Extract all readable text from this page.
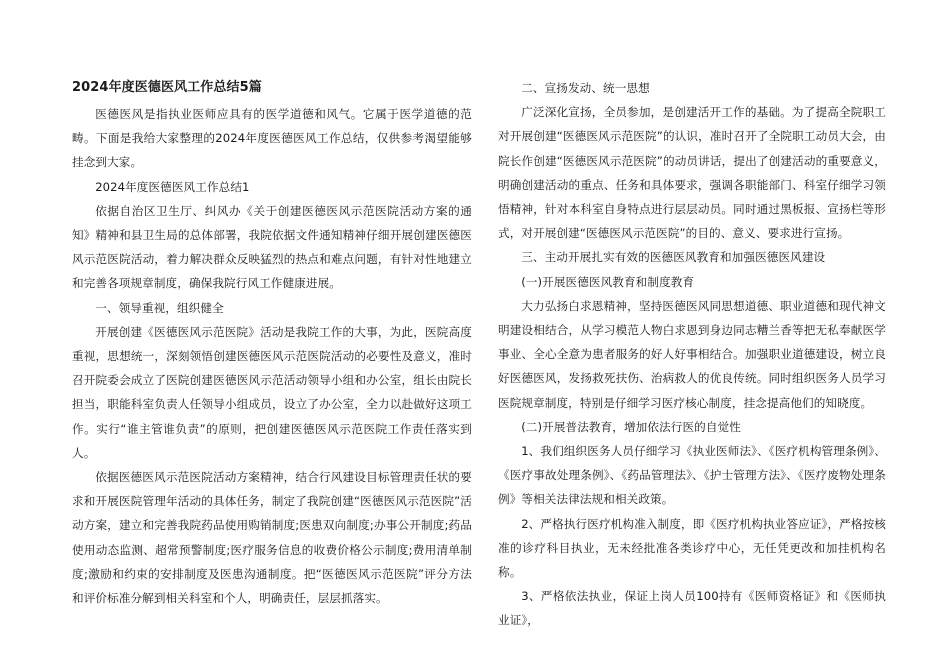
2024年度医德医风工作总结5篇

医德医风是指执业医师应具有的医学道德和风气。它属于医学道德的范畴。下面是我给大家整理的2024年度医德医风工作总结，仅供参考渴望能够挂念到大家。

2024年度医德医风工作总结1

依据自治区卫生厅、纠风办《关于创建医德医风示范医院活动方案的通知》精神和县卫生局的总体部署，我院依据文件通知精神仔细开展创建医德医风示范医院活动，着力解决群众反映猛烈的热点和难点问题，有针对性地建立和完善各项规章制度，确保我院行风工作健康进展。

一、领导重视，组织健全

开展创建《医德医风示范医院》活动是我院工作的大事，为此，医院高度重视，思想统一，深刻领悟创建医德医风示范医院活动的必要性及意义，准时召开院委会成立了医院创建医德医风示范活动领导小组和办公室，组长由院长担当，职能科室负责人任领导小组成员，设立了办公室，全力以赴做好这项工作。实行“谁主管谁负责”的原则，把创建医德医风示范医院工作责任落实到人。

依据医德医风示范医院活动方案精神，结合行风建设目标管理责任状的要求和开展医院管理年活动的具体任务，制定了我院创建“医德医风示范医院”活动方案，建立和完善我院药品使用购销制度;医患双向制度;办事公开制度;药品使用动态监测、超常预警制度;医疗服务信息的收费价格公示制度;费用清单制度;激励和约束的安排制度及医患沟通制度。把“医德医风示范医院”评分方法和评价标准分解到相关科室和个人，明确责任，层层抓落实。

二、宣扬发动、统一思想

广泛深化宣扬，全员参加，是创建活开工作的基础。为了提高全院职工对开展创建“医德医风示范医院”的认识，准时召开了全院职工动员大会，由院长作创建“医德医风示范医院”的动员讲话，提出了创建活动的重要意义，明确创建活动的重点、任务和具体要求，强调各职能部门、科室仔细学习领悟精神，针对本科室自身特点进行层层动员。同时通过黑板报、宣扬栏等形式，对开展创建“医德医风示范医院”的目的、意义、要求进行宣扬。

三、主动开展扎实有效的医德医风教育和加强医德医风建设

(一)开展医德医风教育和制度教育

大力弘扬白求恩精神，坚持医德医风同思想道德、职业道德和现代神文明建设相结合，从学习模范人物白求恩到身边同志糟兰香等把无私奉献医学事业、全心全意为患者服务的好人好事相结合。加强职业道德建设，树立良好医德医风，发扬救死扶伤、治病救人的优良传统。同时组织医务人员学习医院规章制度，特别是仔细学习医疗核心制度，挂念提高他们的知晓度。

(二)开展普法教育，增加依法行医的自觉性

1、我们组织医务人员仔细学习《执业医师法》、《医疗机构管理条例》、《医疗事故处理条例》、《药品管理法》、《护士管理方法》、《医疗废物处理条例》等相关法律法规和相关政策。

2、严格执行医疗机构准入制度，即《医疗机构执业答应证》，严格按核准的诊疗科目执业，无未经批准各类诊疗中心，无任凭更改和加挂机构名称。

3、严格依法执业，保证上岗人员100持有《医师资格证》和《医师执业证》，
